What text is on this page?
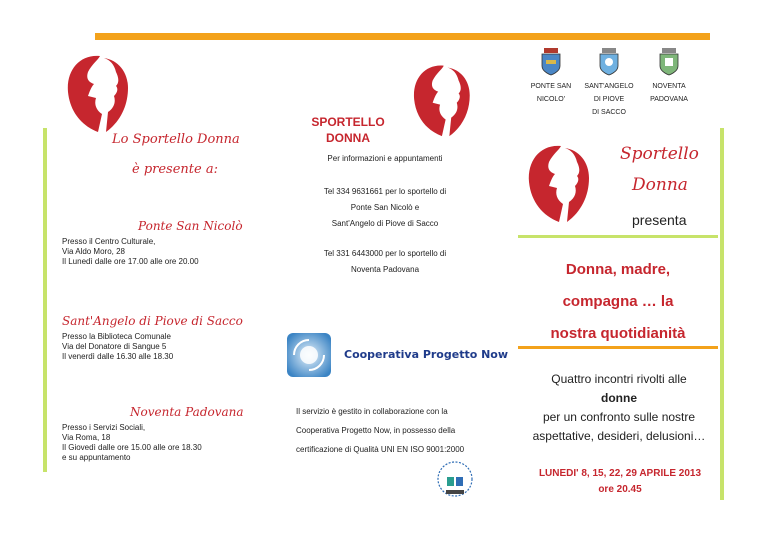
Lo Sportello Donna
è presente a:
Ponte San Nicolò
Presso il Centro Culturale,
Via Aldo Moro, 28
Il Lunedì dalle ore 17.00 alle ore 20.00
Sant'Angelo di Piove di Sacco
Presso la Biblioteca Comunale
Via del Donatore di Sangue 5
Il venerdì dalle 16.30 alle 18.30
Noventa Padovana
Presso i Servizi Sociali,
Via Roma, 18
Il Giovedì dalle ore 15.00 alle ore 18.30
e su appuntamento
SPORTELLO
DONNA
Per informazioni e appuntamenti
Tel 334 9631661 per lo sportello di
Ponte San Nicolò e
Sant'Angelo di Piove di Sacco
Tel 331 6443000 per lo sportello di
Noventa Padovana
Cooperativa Progetto Now
Il servizio è gestito in collaborazione con la
Cooperativa Progetto Now, in possesso della
certificazione di Qualità UNI EN ISO 9001:2000
PONTE SAN
NICOLO'
SANT'ANGELO
DI PIOVE
DI SACCO
NOVENTA
PADOVANA
Sportello
Donna
presenta
Donna, madre,
compagna … la
nostra quotidianità
Quattro incontri rivolti alle
donne
per un confronto sulle nostre
aspettative, desideri, delusioni…
LUNEDI' 8, 15, 22, 29 APRILE 2013
ore 20.45
